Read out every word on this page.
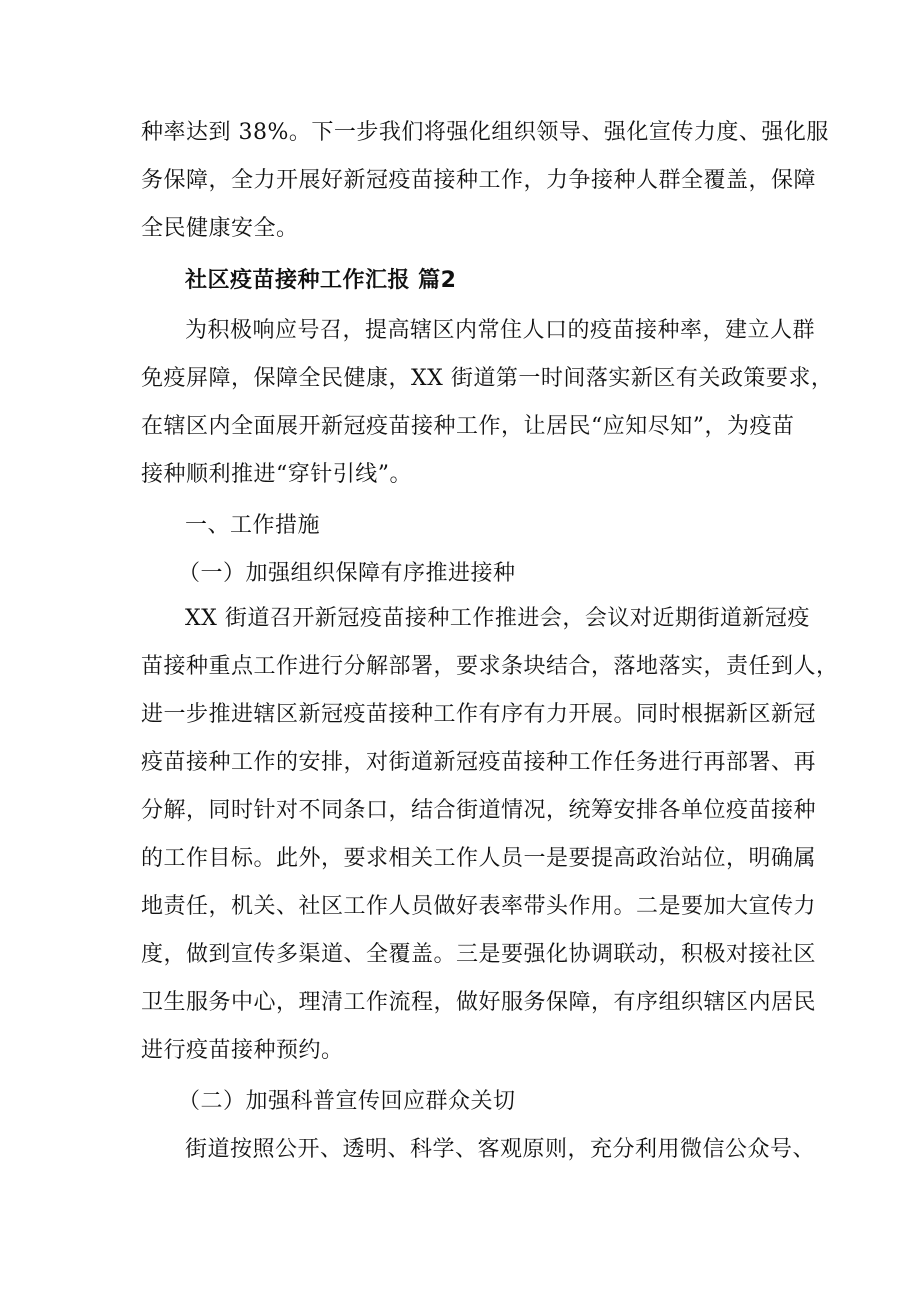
种率达到 38%。下一步我们将强化组织领导、强化宣传力度、强化服
务保障，全力开展好新冠疫苗接种工作，力争接种人群全覆盖，保障
全民健康安全。
社区疫苗接种工作汇报 篇2
为积极响应号召，提高辖区内常住人口的疫苗接种率，建立人群
免疫屏障，保障全民健康，XX 街道第一时间落实新区有关政策要求，
在辖区内全面展开新冠疫苗接种工作，让居民“应知尽知”，为疫苗
接种顺利推进“穿针引线”。
一、工作措施
（一）加强组织保障有序推进接种
XX 街道召开新冠疫苗接种工作推进会，会议对近期街道新冠疫
苗接种重点工作进行分解部署，要求条块结合，落地落实，责任到人，
进一步推进辖区新冠疫苗接种工作有序有力开展。同时根据新区新冠
疫苗接种工作的安排，对街道新冠疫苗接种工作任务进行再部署、再
分解，同时针对不同条口，结合街道情况，统筹安排各单位疫苗接种
的工作目标。此外，要求相关工作人员一是要提高政治站位，明确属
地责任，机关、社区工作人员做好表率带头作用。二是要加大宣传力
度，做到宣传多渠道、全覆盖。三是要强化协调联动，积极对接社区
卫生服务中心，理清工作流程，做好服务保障，有序组织辖区内居民
进行疫苗接种预约。
（二）加强科普宣传回应群众关切
街道按照公开、透明、科学、客观原则，充分利用微信公众号、
